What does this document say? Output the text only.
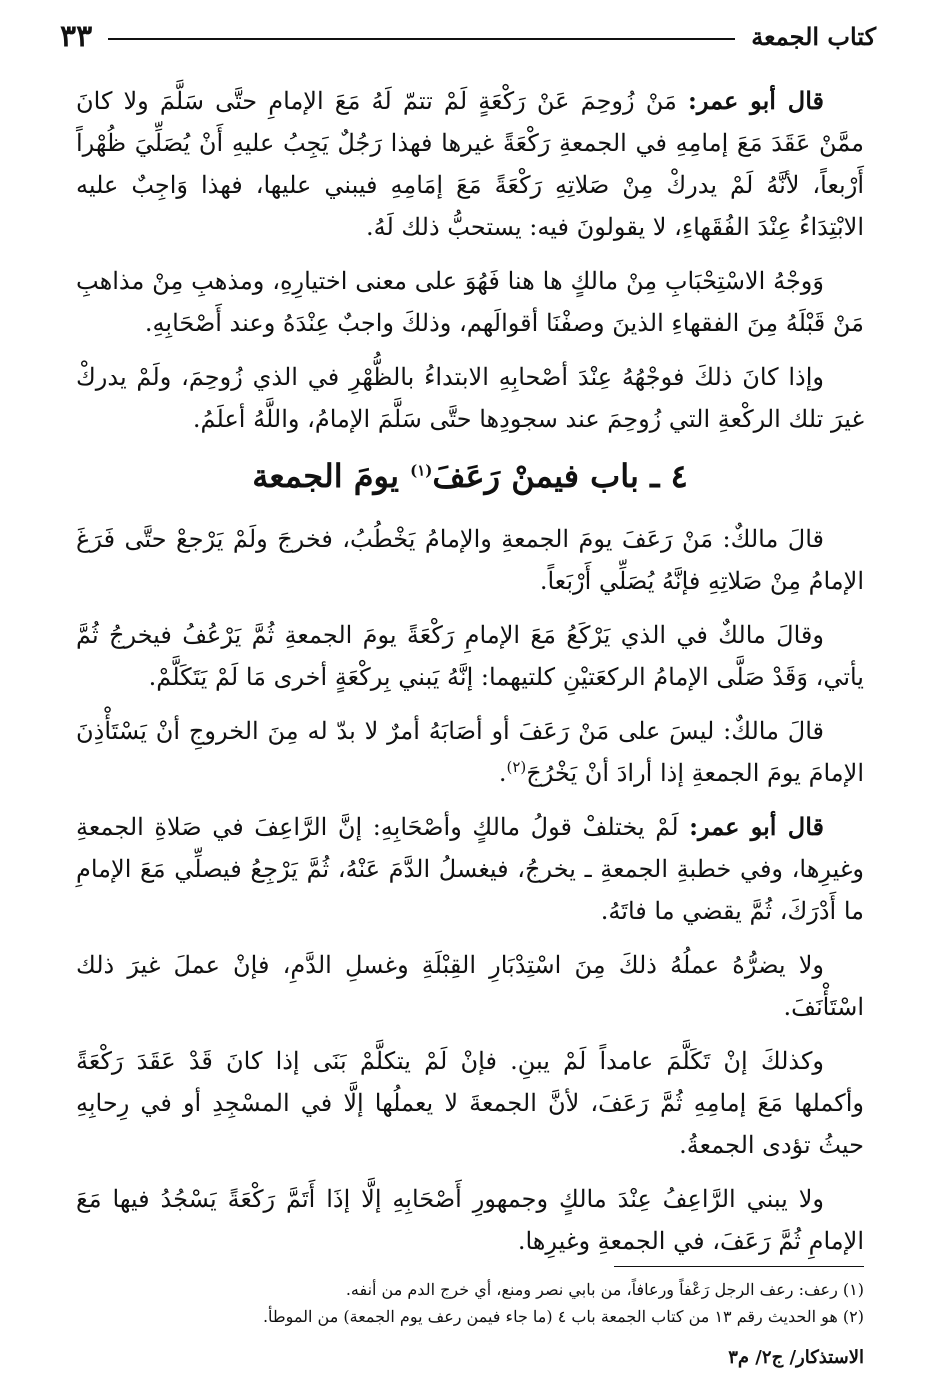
كتاب الجمعة
٣٣

قال أبو عمر: مَنْ زُوحِمَ عَنْ رَكْعَةٍ لَمْ تتمّ لَهُ مَعَ الإمامِ حتَّى سَلَّمَ ولا كانَ ممَّنْ عَقَدَ مَعَ إمامِهِ في الجمعةِ رَكْعَةً غيرها فهذا رَجُلٌ يَجِبُ عليهِ أَنْ يُصَلِّيَ ظُهْراً أَرْبعاً، لأنَّهُ لَمْ يدركْ مِنْ صَلاتِهِ رَكْعَةً مَعَ إمَامِهِ فيبني عليها، فهذا وَاجِبٌ عليه الابْتِدَاءُ عِنْدَ الفُقَهاءِ، لا يقولونَ فيه: يستحبُّ ذلك لَهُ.

وَوجْهُ الاسْتِحْبَابِ مِنْ مالكٍ ها هنا فَهُوَ على معنى اختيارِهِ، ومذهبِ مِنْ مذاهبِ مَنْ قَبْلَهُ مِنَ الفقهاءِ الذينَ وصفْنَا أقوالَهم، وذلكَ واجبٌ عِنْدَهُ وعند أَصْحَابِهِ.

وإذا كانَ ذلكَ فوجْهُهُ عِنْدَ أصْحابِهِ الابتداءُ بالظُّهْرِ في الذي زُوحِمَ، ولَمْ يدركْ غيرَ تلك الركْعةِ التي زُوحِمَ عند سجودِها حتَّى سَلَّمَ الإمامُ، واللَّهُ أعلَمُ.

٤ ـ باب فيمنْ رَعَفَ$^{(١)}$ يومَ الجمعة

قالَ مالكٌ: مَنْ رَعَفَ يومَ الجمعةِ والإمامُ يَخْطُبُ، فخرجَ ولَمْ يَرْجعْ حتَّى فَرَغَ الإمامُ مِنْ صَلاتِهِ فإنَّهُ يُصَلِّي أَرْبَعاً.

وقالَ مالكٌ في الذي يَرْكَعُ مَعَ الإمامِ رَكْعَةً يومَ الجمعةِ ثُمَّ يَرْعُفُ فيخرجُ ثُمَّ يأتي، وَقَدْ صَلَّى الإمامُ الركعَتيْنِ كلتيهما: إنَّهُ يَبني بِركْعَةٍ أخرى مَا لَمْ يَتَكَلَّمْ.

قالَ مالكٌ: ليسَ على مَنْ رَعَفَ أو أصَابَهُ أمرٌ لا بدّ له مِنَ الخروجِ أنْ يَسْتَأْذِنَ الإمامَ يومَ الجمعةِ إذا أرادَ أنْ يَخْرُجَ$^{(٢)}$.

قال أبو عمر: لَمْ يختلفْ قولُ مالكٍ وأصْحَابِهِ: إنَّ الرَّاعِفَ في صَلاةِ الجمعةِ وغيرِها، وفي خطبةِ الجمعةِ ـ يخرجُ، فيغسلُ الدَّمَ عَنْهُ، ثُمَّ يَرْجِعُ فيصلِّي مَعَ الإمامِ ما أَدْرَكَ، ثُمَّ يقضي ما فاتَهُ.

ولا يضرُّهُ عملُهُ ذلكَ مِنَ اسْتِدْبَارِ القِبْلَةِ وغسلِ الدَّمِ، فإنْ عملَ غيرَ ذلك اسْتَأْنَفَ.

وكذلكَ إنْ تَكَلَّمَ عامداً لَمْ يبنِ. فإنْ لَمْ يتكلَّمْ بَنَى إذا كانَ قَدْ عَقَدَ رَكْعَةً وأكملها مَعَ إمامِهِ ثُمَّ رَعَفَ، لأنَّ الجمعةَ لا يعملُها إلَّا في المسْجِدِ أو في رِحابِهِ حيثُ تؤدى الجمعةُ.

ولا يبني الرَّاعِفُ عِنْدَ مالكٍ وجمهورِ أَصْحَابِهِ إلَّا إذَا أَتَمَّ رَكْعَةً يَسْجُدُ فيها مَعَ الإمامِ ثُمَّ رَعَفَ، في الجمعةِ وغيرِها.

(١) رعف: رعف الرجل رَعْفاً ورعافاً، من بابي نصر ومنع، أي خرج الدم من أنفه.
(٢) هو الحديث رقم ١٣ من كتاب الجمعة باب ٤ (ما جاء فيمن رعف يوم الجمعة) من الموطأ.
الاستذكار/ ج٢/ م٣
